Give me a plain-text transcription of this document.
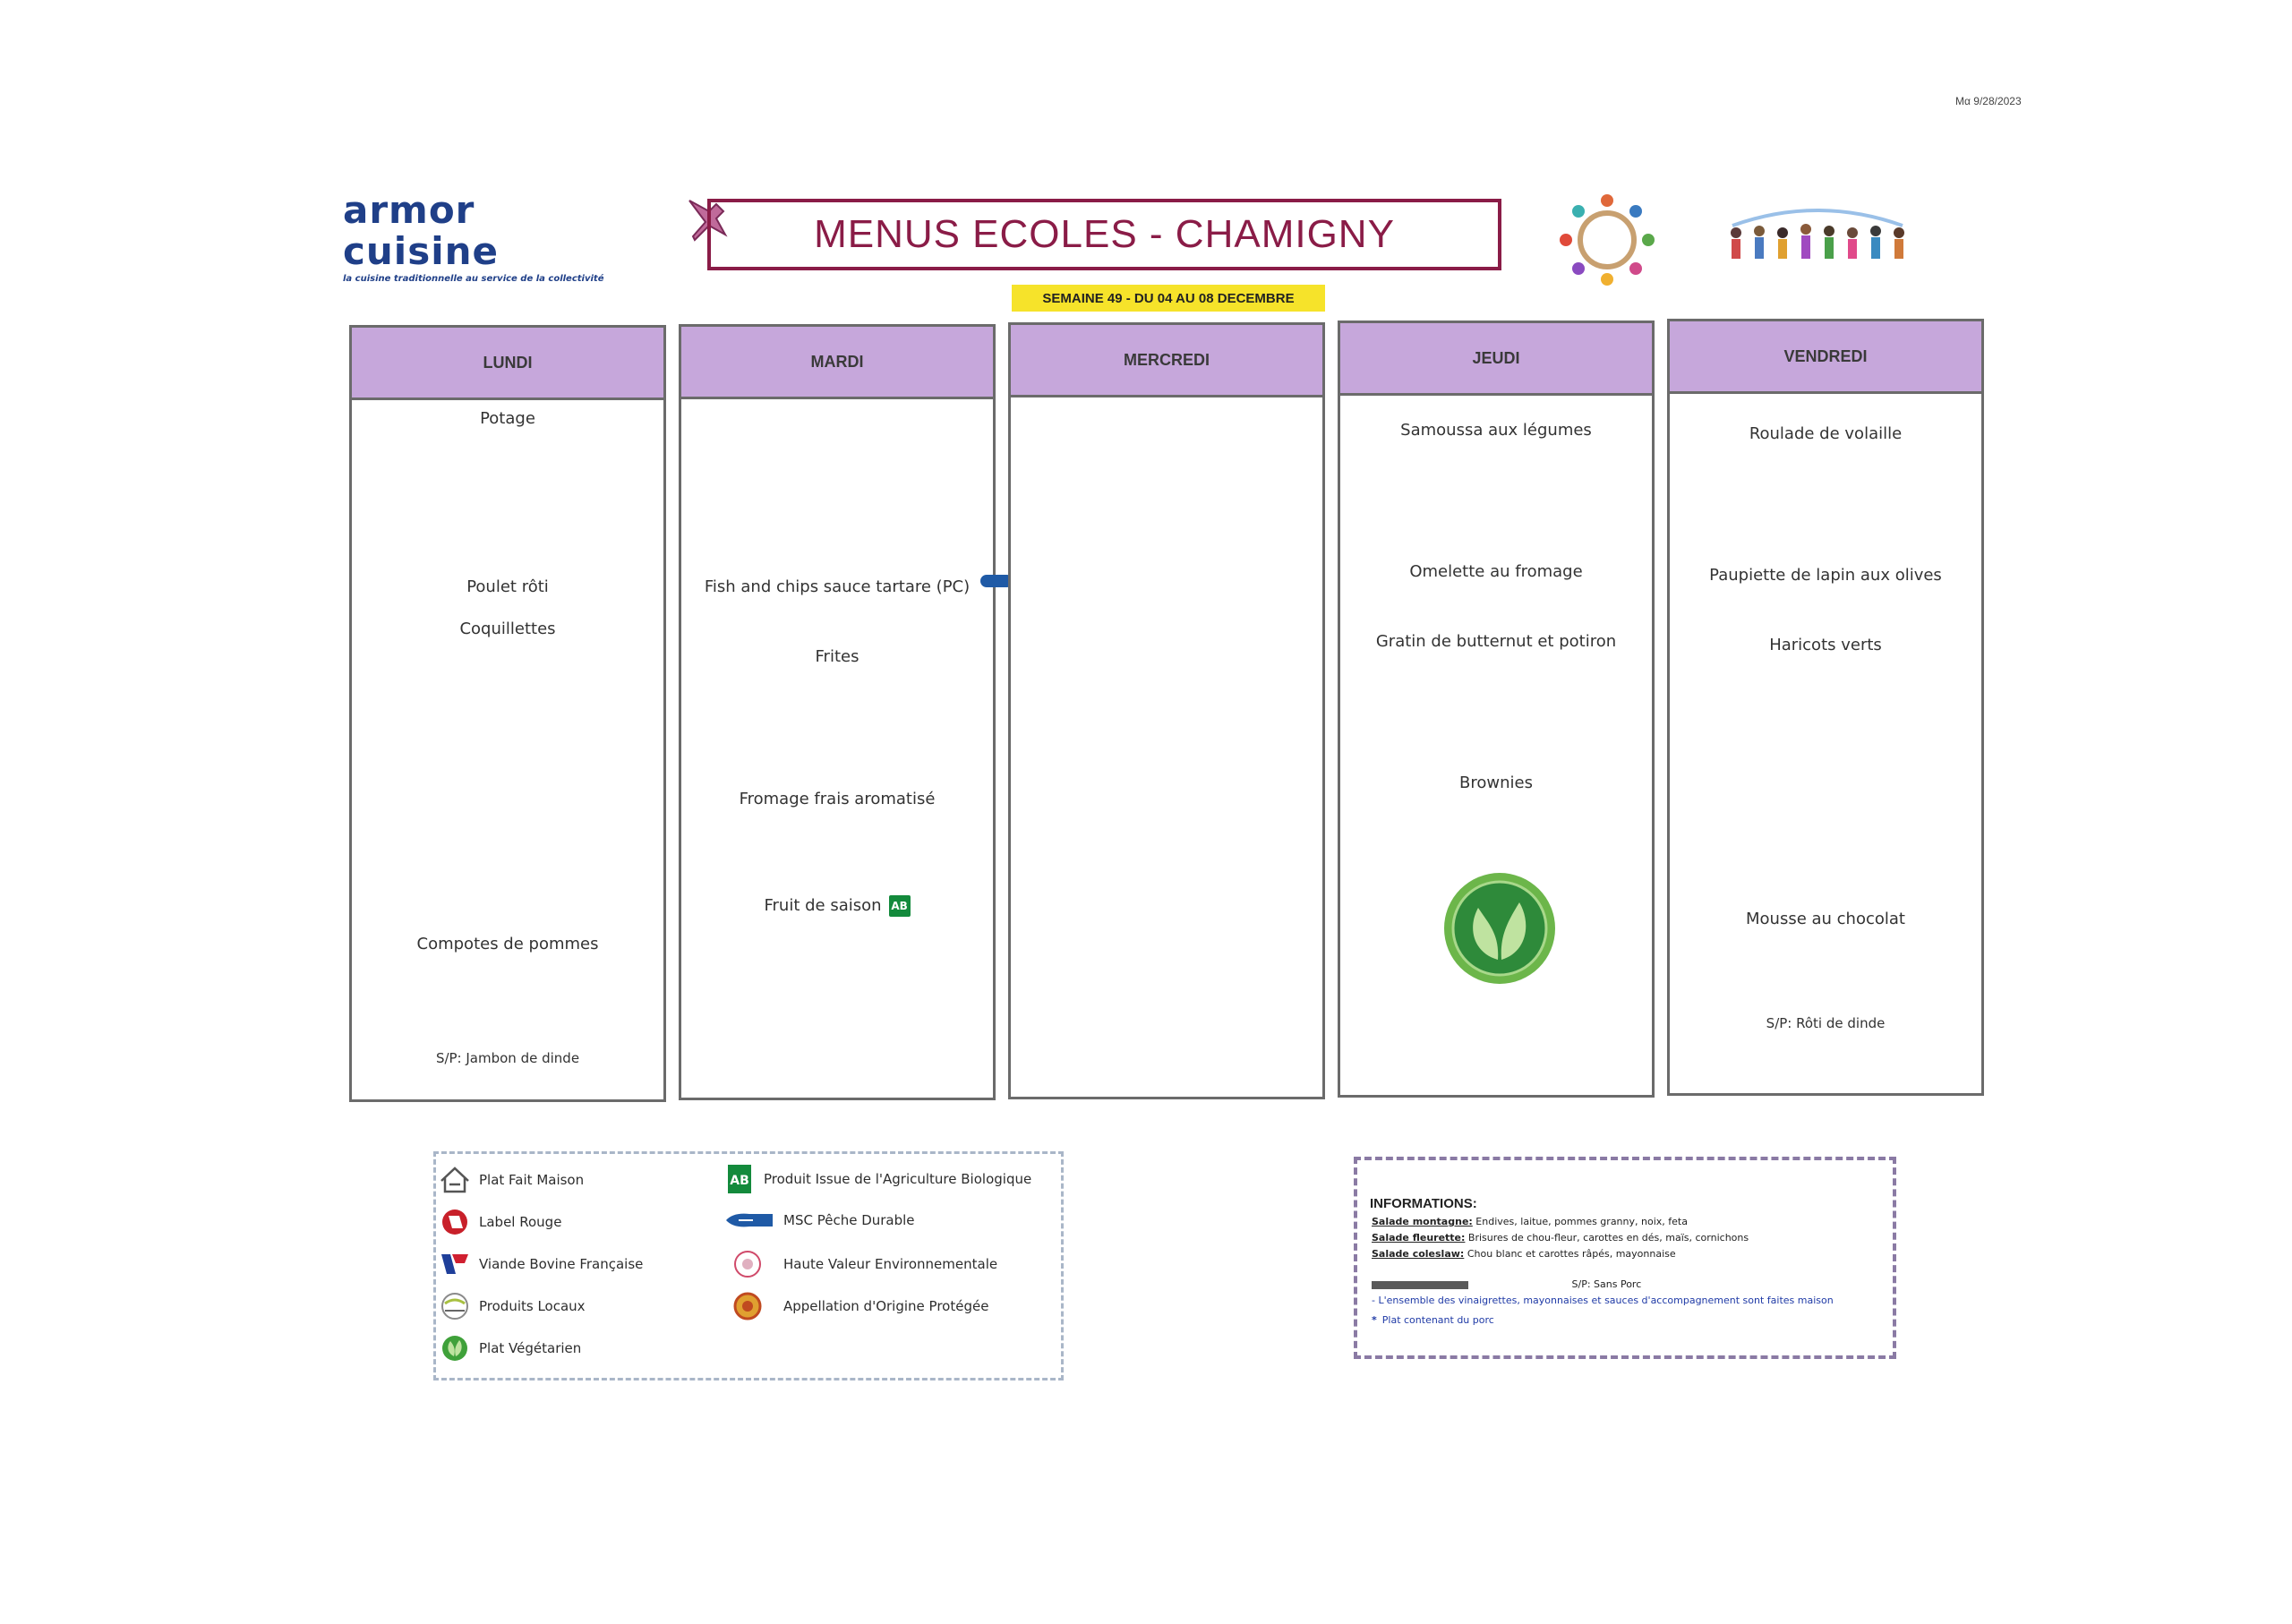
Mα 9/28/2023
armor cuisine
la cuisine traditionnelle au service de la collectivité
MENUS ECOLES - CHAMIGNY
SEMAINE 49 - DU 04 AU 08 DECEMBRE
LUNDI
Potage
Poulet rôti
Coquillettes
Compotes de pommes
S/P: Jambon de dinde
MARDI
Fish and chips sauce tartare (PC)
Frites
Fromage frais aromatisé
Fruit de saison AB
MERCREDI	JEUDI
Samoussa aux légumes
Omelette au fromage
Gratin de butternut et potiron
Brownies
VENDREDI
Roulade de volaille
Paupiette de lapin aux olives
Haricots verts
Mousse au chocolat
S/P: Rôti de dinde
Plat Fait Maison
Label Rouge
Viande Bovine Française
Produits Locaux
Plat Végétarien
AB Produit Issue de l'Agriculture Biologique
MSC Pêche Durable
Haute Valeur Environnementale
Appellation d'Origine Protégée
INFORMATIONS:
Salade montagne: Endives, laitue, pommes granny, noix, feta
Salade fleurette: Brisures de chou-fleur, carottes en dés, maïs, cornichons
Salade coleslaw: Chou blanc et carottes râpés, mayonnaise
S/P: Sans Porc
- L'ensemble des vinaigrettes, mayonnaises et sauces d'accompagnement sont faites maison
* Plat contenant du porc
